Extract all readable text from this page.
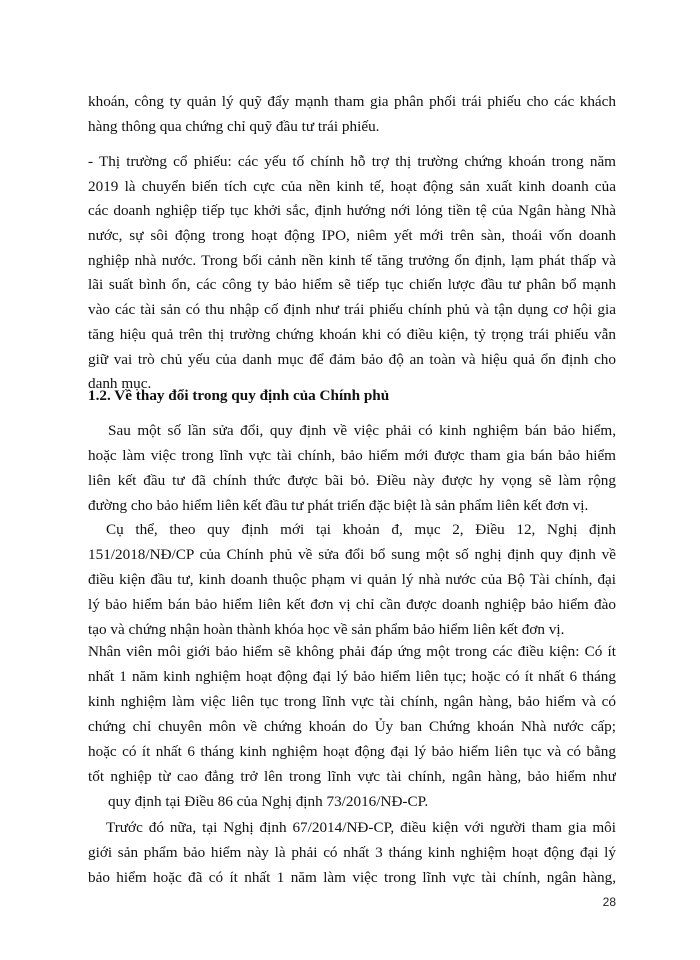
khoán, công ty quản lý quỹ đẩy mạnh tham gia phân phối trái phiếu cho các khách
hàng thông qua chứng chỉ quỹ đầu tư trái phiếu.
- Thị trường cổ phiếu: các yếu tố chính hỗ trợ thị trường chứng khoán trong năm
2019 là chuyển biến tích cực của nền kinh tế, hoạt động sản xuất kinh doanh của
các doanh nghiệp tiếp tục khởi sắc, định hướng nới lỏng tiền tệ của Ngân hàng Nhà
nước, sự sôi động trong hoạt động IPO, niêm yết mới trên sàn, thoái vốn doanh
nghiệp nhà nước. Trong bối cảnh nền kinh tế tăng trưởng ổn định, lạm phát thấp và
lãi suất bình ổn, các công ty bảo hiểm sẽ tiếp tục chiến lược đầu tư phân bổ mạnh
vào các tài sản có thu nhập cố định như trái phiếu chính phủ và tận dụng cơ hội gia
tăng hiệu quả trên thị trường chứng khoán khi có điều kiện, tỷ trọng trái phiếu vẫn
giữ vai trò chủ yếu của danh mục để đảm bảo độ an toàn và hiệu quả ổn định cho
danh mục.
1.2. Về thay đổi trong quy định của Chính phủ
Sau một số lần sửa đổi, quy định về việc phải có kinh nghiệm bán bảo hiểm,
hoặc làm việc trong lĩnh vực tài chính, bảo hiểm mới được tham gia bán bảo hiểm
liên kết đầu tư đã chính thức được bãi bỏ. Điều này được hy vọng sẽ làm rộng
đường cho bảo hiểm liên kết đầu tư phát triển đặc biệt là sản phẩm liên kết đơn vị.
Cụ thể, theo quy định mới tại khoản đ, mục 2, Điều 12, Nghị định
151/2018/NĐ/CP của Chính phủ về sửa đổi bổ sung một số nghị định quy định về
điều kiện đầu tư, kinh doanh thuộc phạm vi quản lý nhà nước của Bộ Tài chính, đại
lý bảo hiểm bán bảo hiểm liên kết đơn vị chỉ cần được doanh nghiệp bảo hiểm đào
tạo và chứng nhận hoàn thành khóa học về sản phẩm bảo hiểm liên kết đơn vị.
Nhân viên môi giới bảo hiểm sẽ không phải đáp ứng một trong các điều kiện: Có ít
nhất 1 năm kinh nghiệm hoạt động đại lý bảo hiểm liên tục; hoặc có ít nhất 6 tháng
kinh nghiệm làm việc liên tục trong lĩnh vực tài chính, ngân hàng, bảo hiểm và có
chứng chỉ chuyên môn về chứng khoán do Ủy ban Chứng khoán Nhà nước cấp;
hoặc có ít nhất 6 tháng kinh nghiệm hoạt động đại lý bảo hiểm liên tục và có bằng
tốt nghiệp từ cao đẳng trở lên trong lĩnh vực tài chính, ngân hàng, bảo hiểm như
quy định tại Điều 86 của Nghị định 73/2016/NĐ-CP.
Trước đó nữa, tại Nghị định 67/2014/NĐ-CP, điều kiện với người tham gia môi
giới sản phẩm bảo hiểm này là phải có nhất 3 tháng kinh nghiệm hoạt động đại lý
bảo hiểm hoặc đã có ít nhất 1 năm làm việc trong lĩnh vực tài chính, ngân hàng,
28
